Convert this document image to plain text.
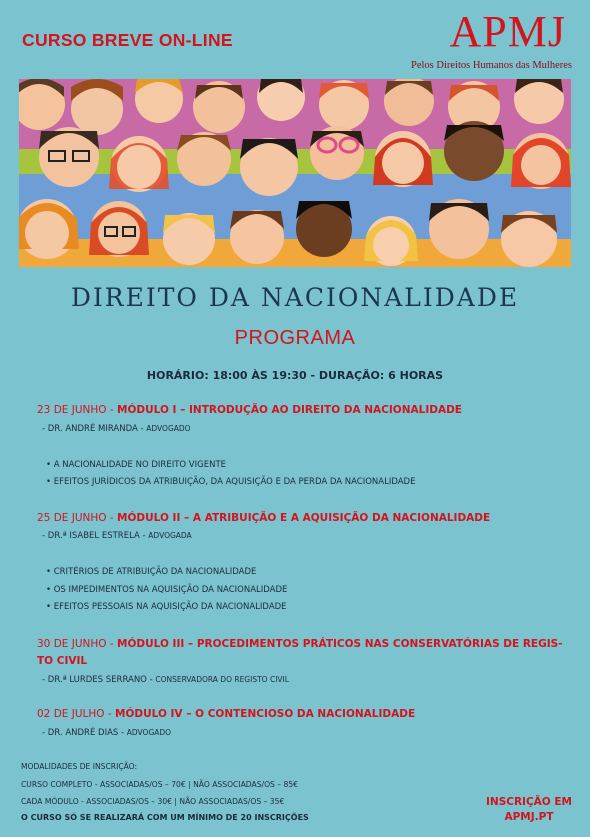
CURSO BREVE ON-LINE	APMJ
Pelos Direitos Humanos das Mulheres
DIREITO DA NACIONALIDADE
PROGRAMA
HORÁRIO: 18:00 ÀS 19:30 - DURAÇÃO: 6 HORAS
23 DE JUNHO - MÓDULO I – INTRODUÇÃO AO DIREITO DA NACIONALIDADE
- DR. ANDRÉ MIRANDA - ADVOGADO
• A NACIONALIDADE NO DIREITO VIGENTE
• EFEITOS JURÍDICOS DA ATRIBUIÇÃO, DA AQUISIÇÃO E DA PERDA DA NACIONALIDADE
25 DE JUNHO - MÓDULO II – A ATRIBUIÇÃO E A AQUISIÇÃO DA NACIONALIDADE
- DR.ª ISABEL ESTRELA - ADVOGADA
• CRITÉRIOS DE ATRIBUIÇÃO DA NACIONALIDADE
• OS IMPEDIMENTOS NA AQUISIÇÃO DA NACIONALIDADE
• EFEITOS PESSOAIS NA AQUISIÇÃO DA NACIONALIDADE
30 DE JUNHO - MÓDULO III – PROCEDIMENTOS PRÁTICOS NAS CONSERVATÓRIAS DE REGIS-TO CIVIL
- DR.ª LURDES SERRANO - CONSERVADORA DO REGISTO CIVIL
02 DE JULHO - MÓDULO IV – O CONTENCIOSO DA NACIONALIDADE
- DR. ANDRÉ DIAS - ADVOGADO
MODALIDADES DE INSCRIÇÃO:
CURSO COMPLETO - ASSOCIADAS/OS – 70€ | NÃO ASSOCIADAS/OS – 85€
CADA MÓDULO - ASSOCIADAS/OS – 30€ | NÃO ASSOCIADAS/OS – 35€
O CURSO SÓ SE REALIZARÁ COM UM MÍNIMO DE 20 INSCRIÇÕES
INSCRIÇÃO EM
APMJ.PT
